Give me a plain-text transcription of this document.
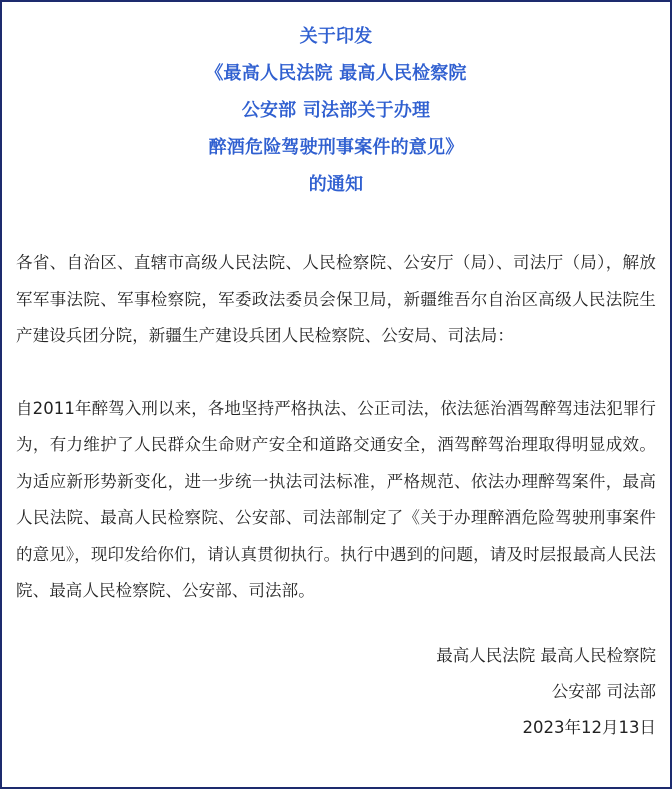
关于印发
《最高人民法院 最高人民检察院
公安部 司法部关于办理
醉酒危险驾驶刑事案件的意见》
的通知

各省、自治区、直辖市高级人民法院、人民检察院、公安厅（局）、司法厅（局），解放军军事法院、军事检察院，军委政法委员会保卫局，新疆维吾尔自治区高级人民法院生产建设兵团分院，新疆生产建设兵团人民检察院、公安局、司法局：

自2011年醉驾入刑以来，各地坚持严格执法、公正司法，依法惩治酒驾醉驾违法犯罪行为，有力维护了人民群众生命财产安全和道路交通安全，酒驾醉驾治理取得明显成效。为适应新形势新变化，进一步统一执法司法标准，严格规范、依法办理醉驾案件，最高人民法院、最高人民检察院、公安部、司法部制定了《关于办理醉酒危险驾驶刑事案件的意见》，现印发给你们，请认真贯彻执行。执行中遇到的问题，请及时层报最高人民法院、最高人民检察院、公安部、司法部。

最高人民法院 最高人民检察院
公安部 司法部
2023年12月13日
